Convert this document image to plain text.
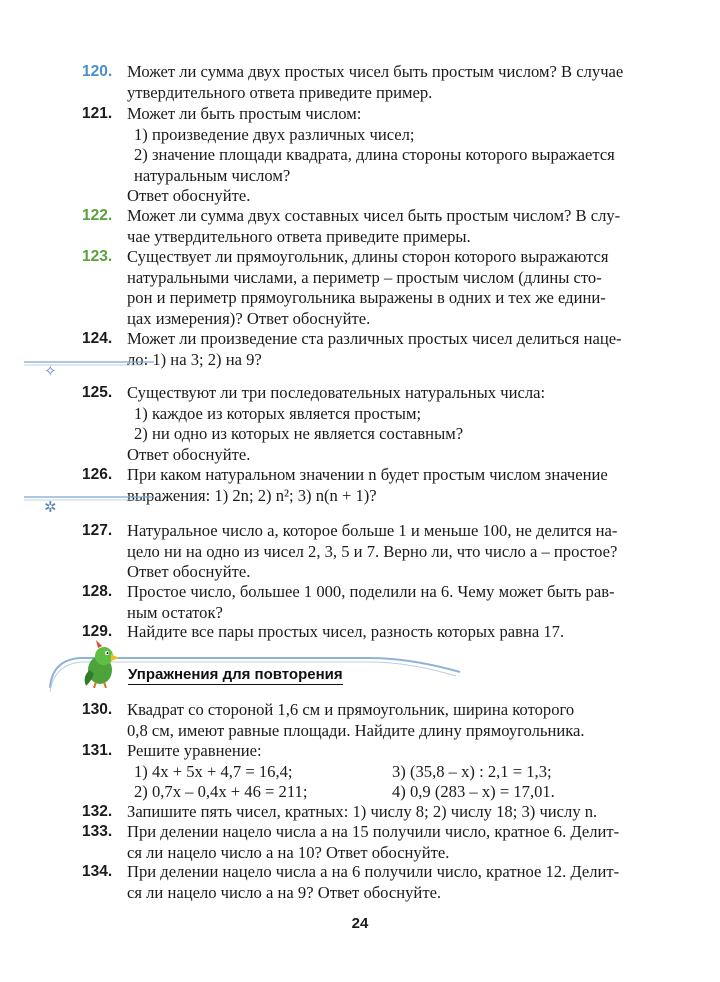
120. Может ли сумма двух простых чисел быть простым числом? В случае
утвердительного ответа приведите пример.
121. Может ли быть простым числом:
1) произведение двух различных чисел;
2) значение площади квадрата, длина стороны которого выражается
натуральным числом?
Ответ обоснуйте.
122. Может ли сумма двух составных чисел быть простым числом? В слу-
чае утвердительного ответа приведите примеры.
123. Существует ли прямоугольник, длины сторон которого выражаются
натуральными числами, а периметр – простым числом (длины сто-
рон и периметр прямоугольника выражены в одних и тех же едини-
цах измерения)? Ответ обоснуйте.
124. Может ли произведение ста различных простых чисел делиться наце-
ло: 1) на 3; 2) на 9?
✧
125. Существуют ли три последовательных натуральных числа:
1) каждое из которых является простым;
2) ни одно из которых не является составным?
Ответ обоснуйте.
126. При каком натуральном значении n будет простым числом значение
выражения: 1) 2n; 2) n²; 3) n(n + 1)?
✲
127. Натуральное число a, которое больше 1 и меньше 100, не делится на-
цело ни на одно из чисел 2, 3, 5 и 7. Верно ли, что число a – простое?
Ответ обоснуйте.
128. Простое число, большее 1 000, поделили на 6. Чему может быть рав-
ным остаток?
129. Найдите все пары простых чисел, разность которых равна 17.
Упражнения для повторения
130. Квадрат со стороной 1,6 см и прямоугольник, ширина которого
0,8 см, имеют равные площади. Найдите длину прямоугольника.
131. Решите уравнение:
1) 4x + 5x + 4,7 = 16,4;	3) (35,8 – x) : 2,1 = 1,3;
2) 0,7x – 0,4x + 46 = 211;	4) 0,9 (283 – x) = 17,01.
132. Запишите пять чисел, кратных: 1) числу 8; 2) числу 18; 3) числу n.
133. При делении нацело числа a на 15 получили число, кратное 6. Делит-
ся ли нацело число a на 10? Ответ обоснуйте.
134. При делении нацело числа a на 6 получили число, кратное 12. Делит-
ся ли нацело число a на 9? Ответ обоснуйте.
24
